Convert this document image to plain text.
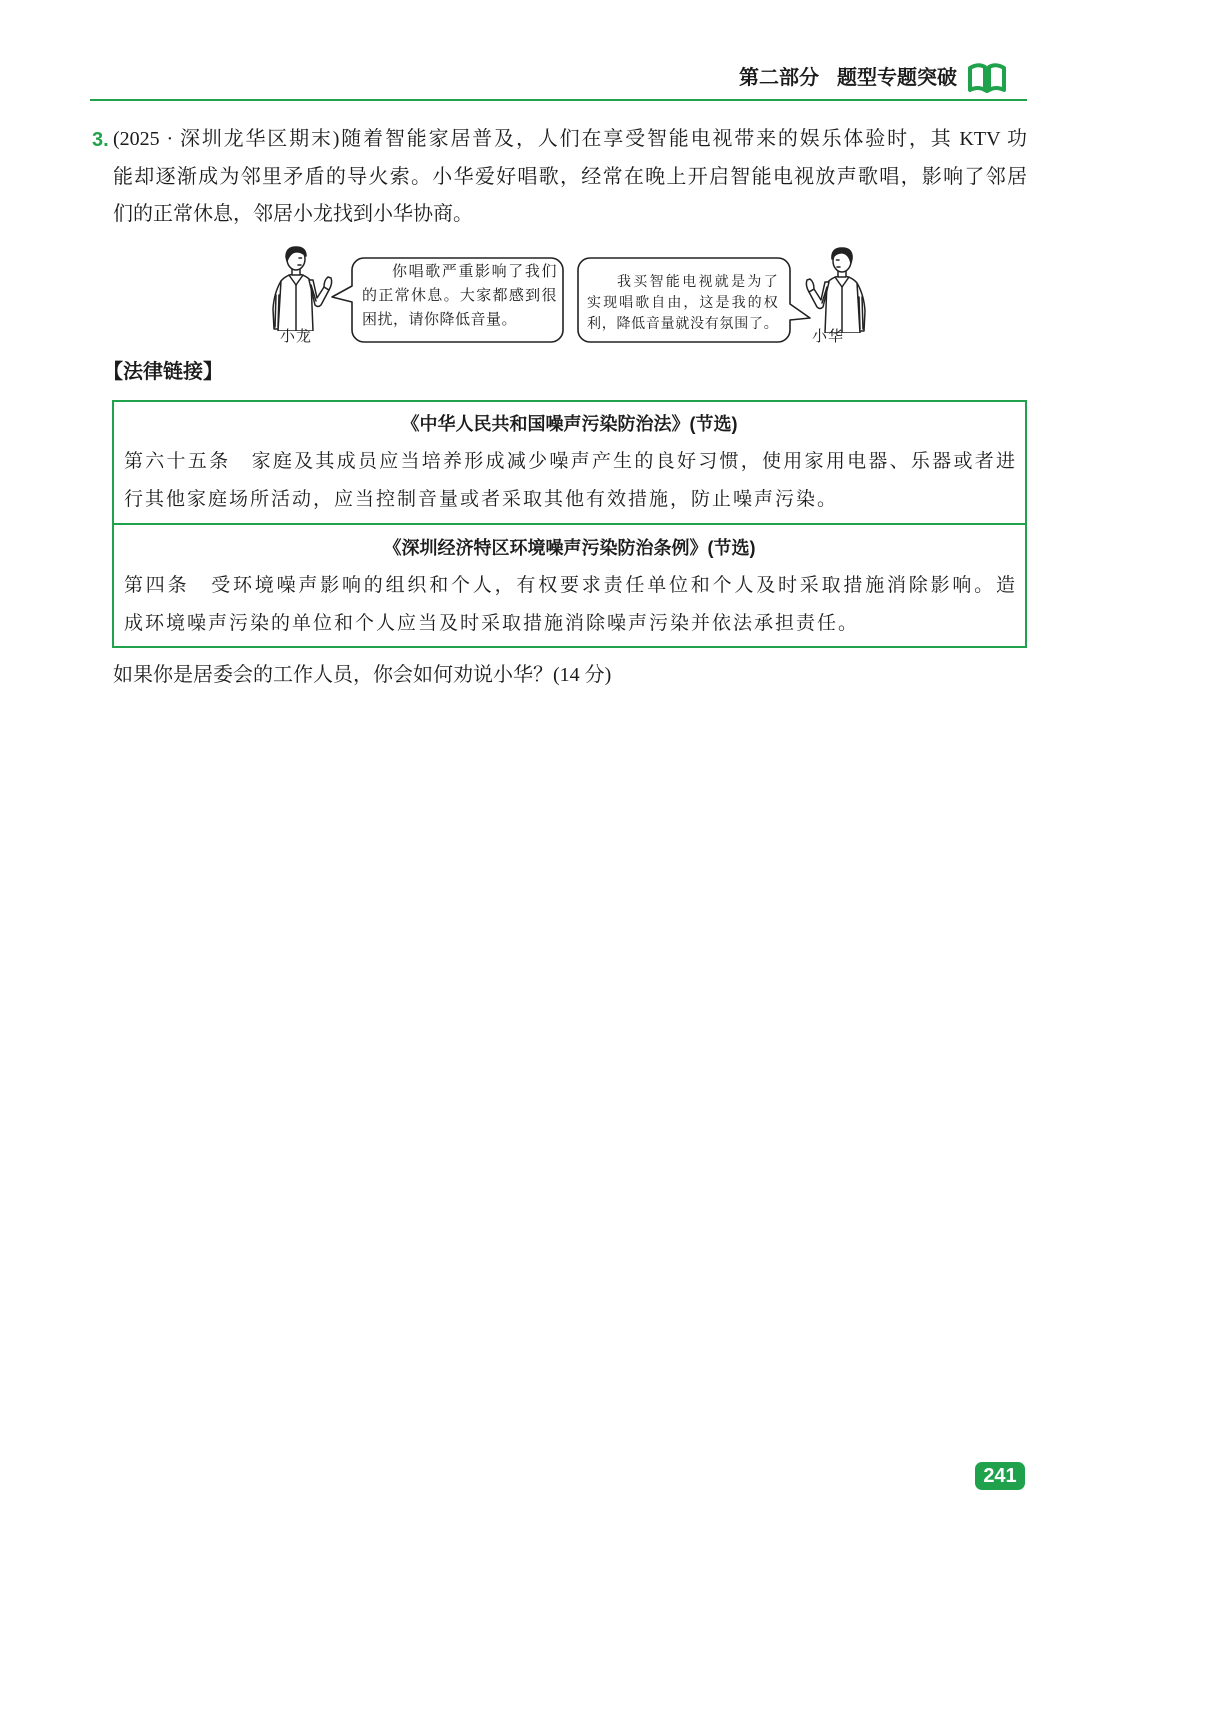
第二部分 题型专题突破
3. (2025 · 深圳龙华区期末)随着智能家居普及，人们在享受智能电视带来的娱乐体验时，其 KTV 功
能却逐渐成为邻里矛盾的导火索。小华爱好唱歌，经常在晚上开启智能电视放声歌唱，影响了邻居
们的正常休息，邻居小龙找到小华协商。
小龙
你唱歌严重影响了我们
的正常休息。大家都感到很
困扰，请你降低音量。
我买智能电视就是为了
实现唱歌自由，这是我的权
利，降低音量就没有氛围了。
小华
【法律链接】
《中华人民共和国噪声污染防治法》(节选)
第六十五条　家庭及其成员应当培养形成减少噪声产生的良好习惯，使用家用电器、乐器或者进
行其他家庭场所活动，应当控制音量或者采取其他有效措施，防止噪声污染。
《深圳经济特区环境噪声污染防治条例》(节选)
第四条　受环境噪声影响的组织和个人，有权要求责任单位和个人及时采取措施消除影响。造
成环境噪声污染的单位和个人应当及时采取措施消除噪声污染并依法承担责任。
如果你是居委会的工作人员，你会如何劝说小华？(14 分)
241
